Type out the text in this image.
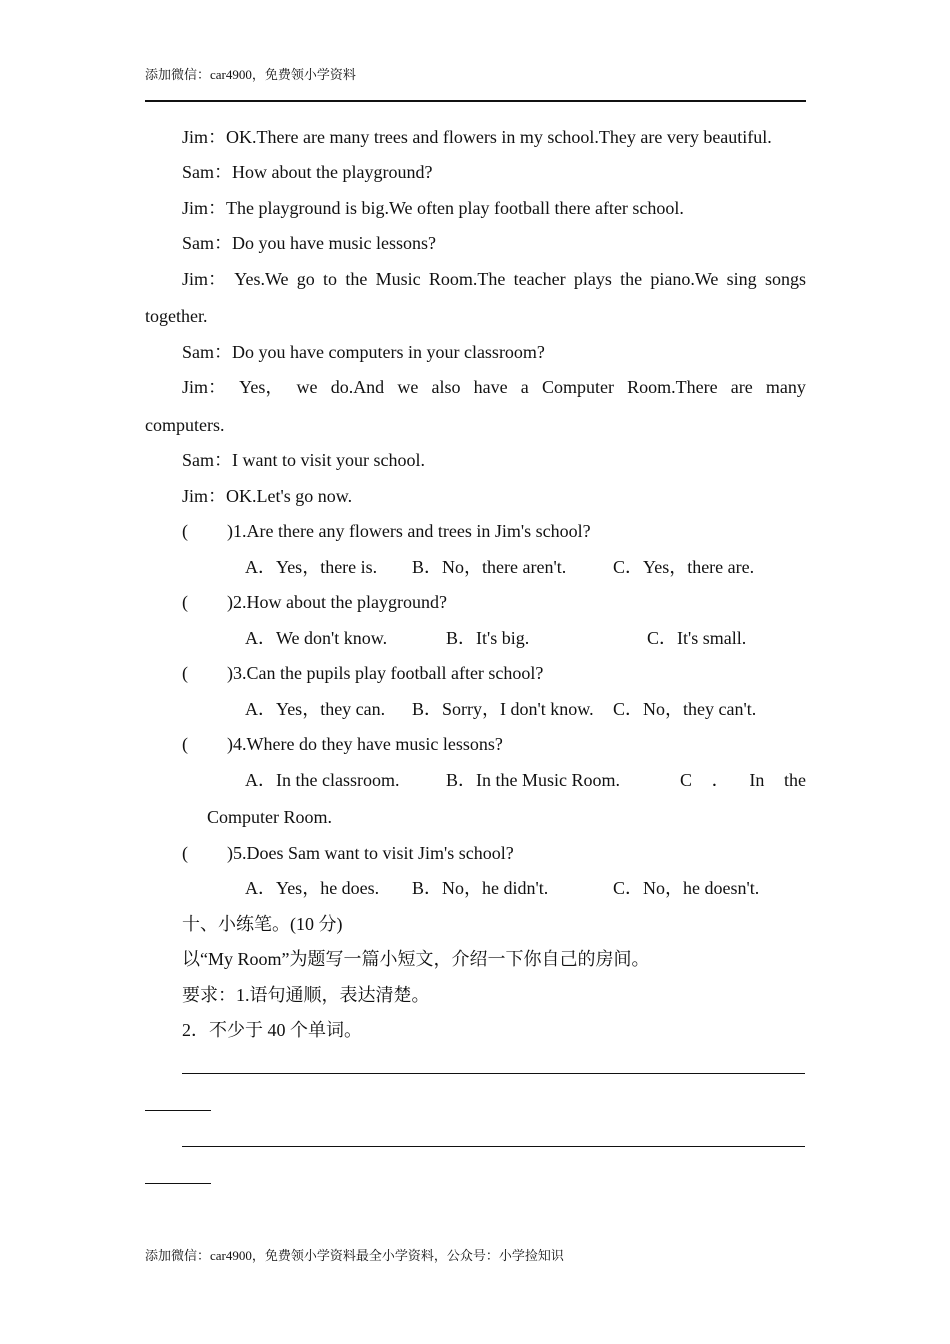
添加微信：car4900，免费领小学资料
Jim：OK.There are many trees and flowers in my school.They are very beautiful.
Sam：How about the playground?
Jim：The playground is big.We often play football there after school.
Sam：Do you have music lessons?
Jim： Yes.We go to the Music Room.The teacher plays the piano.We sing songs
together.
Sam：Do you have computers in your classroom?
Jim： Yes， we do.And we also have a Computer Room.There are many
computers.
Sam：I want to visit your school.
Jim：OK.Let's go now.
( )1.Are there any flowers and trees in Jim's school?
A．Yes，there is. B．No，there aren't.	C．Yes，there are.
( )2.How about the playground?
A．We don't know.	B．It's big.	C．It's small.
( )3.Can the pupils play football after school?
A．Yes，they can. B．Sorry，I don't know. C．No，they can't.
( )4.Where do they have music lessons?
A．In the classroom.	B．In the Music Room.	C ． In the
Computer Room.
( )5.Does Sam want to visit Jim's school?
A．Yes，he does. B．No，he didn't.	C．No，he doesn't.
十、小练笔。(10 分)
以“My Room”为题写一篇小短文，介绍一下你自己的房间。
要求：1.语句通顺，表达清楚。
2．不少于 40 个单词。
添加微信：car4900，免费领小学资料最全小学资料，公众号：小学捡知识
